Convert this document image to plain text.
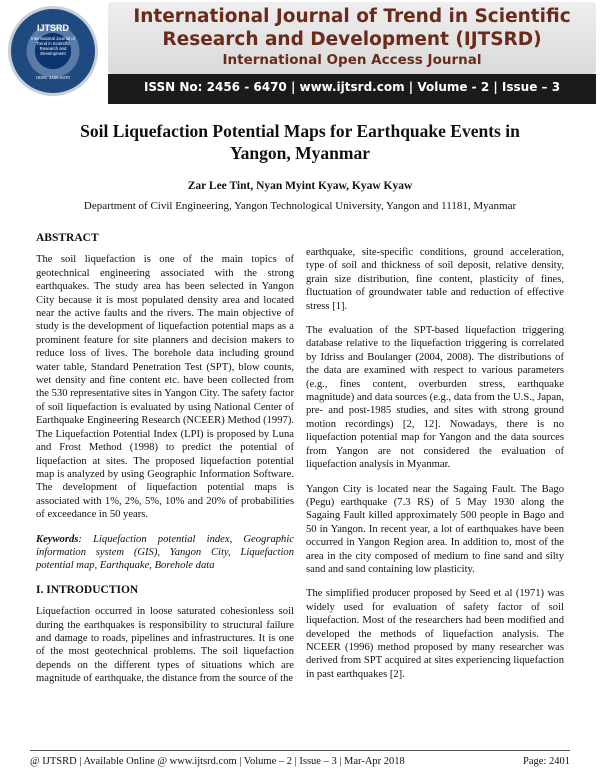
IJTSRD
International Journal of Trend in Scientific Research and Development
ISSN: 2456-6470
International Journal of Trend in Scientific
Research and Development (IJTSRD)
International Open Access Journal
ISSN No: 2456 - 6470 | www.ijtsrd.com | Volume - 2 | Issue – 3
Soil Liquefaction Potential Maps for Earthquake Events in
Yangon, Myanmar
Zar Lee Tint, Nyan Myint Kyaw, Kyaw Kyaw
Department of Civil Engineering, Yangon Technological University, Yangon and 11181, Myanmar
ABSTRACT

The soil liquefaction is one of the main topics of geotechnical engineering associated with the strong earthquakes. The study area has been selected in Yangon City because it is most populated density area and located near the active faults and the rivers. The main objective of study is the development of liquefaction potential maps as a prominent feature for site planners and decision makers to reduce loss of lives. The borehole data including ground water table, Standard Penetration Test (SPT), blow counts, wet density and fine content etc. have been collected from the 530 representative sites in Yangon City. The safety factor of soil liquefaction is evaluated by using National Center of Earthquake Engineering Research (NCEER) Method (1997). The Liquefaction Potential Index (LPI) is proposed by Luna and Frost Method (1998) to predict the potential of liquefaction at sites. The proposed liquefaction potential map is analyzed by using Geographic Information Software. The development of liquefaction potential maps is associated with 1%, 2%, 5%, 10% and 20% of probabilities of exceedance in 50 years.

Keywords: Liquefaction potential index, Geographic information system (GIS), Yangon City, Liquefaction potential map, Earthquake, Borehole data

I. INTRODUCTION

Liquefaction occurred in loose saturated cohesionless soil during the earthquakes is responsibility to structural failure and damage to roads, pipelines and infrastructures. It is one of the most geotechnical problems. The soil liquefaction depends on the different types of situations which are magnitude of earthquake, the distance from the source of the

earthquake, site-specific conditions, ground acceleration, type of soil and thickness of soil deposit, relative density, grain size distribution, fine content, plasticity of fines, fluctuation of groundwater table and reduction of effective stress [1].

The evaluation of the SPT-based liquefaction triggering database relative to the liquefaction triggering is correlated by Idriss and Boulanger (2004, 2008). The distributions of the data are examined with respect to various parameters (e.g., fines content, overburden stress, earthquake magnitude) and data sources (e.g., data from the U.S., Japan, pre- and post-1985 studies, and sites with strong ground motion recordings) [2, 12]. Nowadays, there is no liquefaction potential map for Yangon and the data sources from Yangon are not considered the evaluation of liquefaction analysis in Myanmar.

Yangon City is located near the Sagaing Fault. The Bago (Pegu) earthquake (7.3 RS) of 5 May 1930 along the Sagaing Fault killed approximately 500 people in Bago and 50 in Yangon. In recent year, a lot of earthquakes have been occurred in Yangon Region area. In addition to, most of the area in the city composed of medium to fine sand and silty sand and sand containing low plasticity.

The simplified producer proposed by Seed et al (1971) was widely used for evaluation of safety factor of soil liquefaction. Most of the researchers had been modified and developed the methods of liquefaction analysis. The NCEER (1996) method proposed by many researcher was derived from SPT acquired at sites experiencing liquefaction in past earthquakes [2].

@ IJTSRD | Available Online @ www.ijtsrd.com | Volume – 2 | Issue – 3 | Mar-Apr 2018	Page: 2401
